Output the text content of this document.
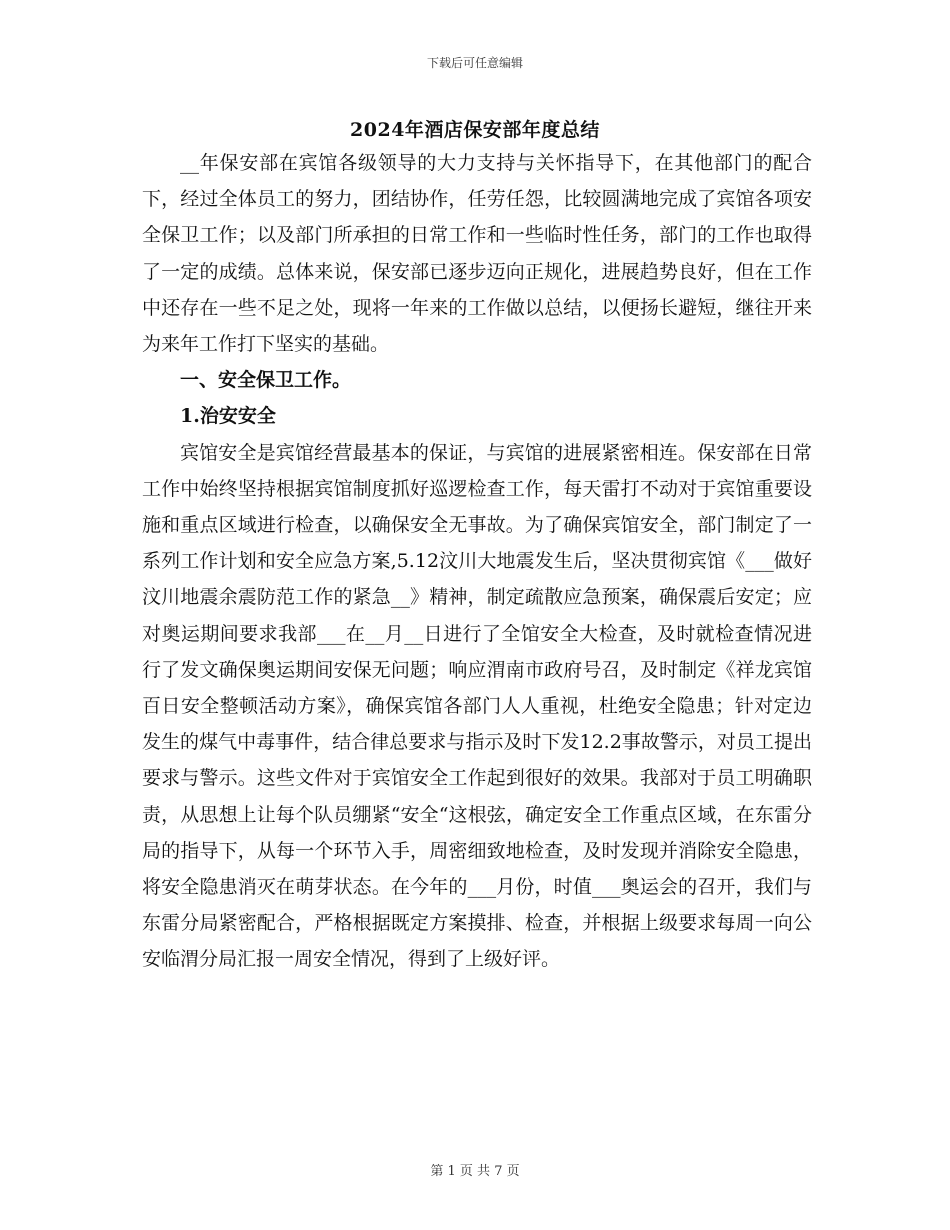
下载后可任意编辑
2024年酒店保安部年度总结

__年保安部在宾馆各级领导的大力支持与关怀指导下，在其他部门的配合下，经过全体员工的努力，团结协作，任劳任怨，比较圆满地完成了宾馆各项安全保卫工作；以及部门所承担的日常工作和一些临时性任务，部门的工作也取得了一定的成绩。总体来说，保安部已逐步迈向正规化，进展趋势良好，但在工作中还存在一些不足之处，现将一年来的工作做以总结，以便扬长避短，继往开来为来年工作打下坚实的基础。

一、安全保卫工作。
1.治安安全

宾馆安全是宾馆经营最基本的保证，与宾馆的进展紧密相连。保安部在日常工作中始终坚持根据宾馆制度抓好巡逻检查工作，每天雷打不动对于宾馆重要设施和重点区域进行检查，以确保安全无事故。为了确保宾馆安全，部门制定了一系列工作计划和安全应急方案,5.12汶川大地震发生后，坚决贯彻宾馆《___做好汶川地震余震防范工作的紧急__》精神，制定疏散应急预案，确保震后安定；应对奥运期间要求我部___在__月__日进行了全馆安全大检查，及时就检查情况进行了发文确保奥运期间安保无问题；响应渭南市政府号召，及时制定《祥龙宾馆百日安全整顿活动方案》，确保宾馆各部门人人重视，杜绝安全隐患；针对定边发生的煤气中毒事件，结合律总要求与指示及时下发12.2事故警示，对员工提出要求与警示。这些文件对于宾馆安全工作起到很好的效果。我部对于员工明确职责，从思想上让每个队员绷紧“安全“这根弦，确定安全工作重点区域，在东雷分局的指导下，从每一个环节入手，周密细致地检查，及时发现并消除安全隐患，将安全隐患消灭在萌芽状态。在今年的___月份，时值___奥运会的召开，我们与东雷分局紧密配合，严格根据既定方案摸排、检查，并根据上级要求每周一向公安临渭分局汇报一周安全情况，得到了上级好评。

第 1 页 共 7 页
